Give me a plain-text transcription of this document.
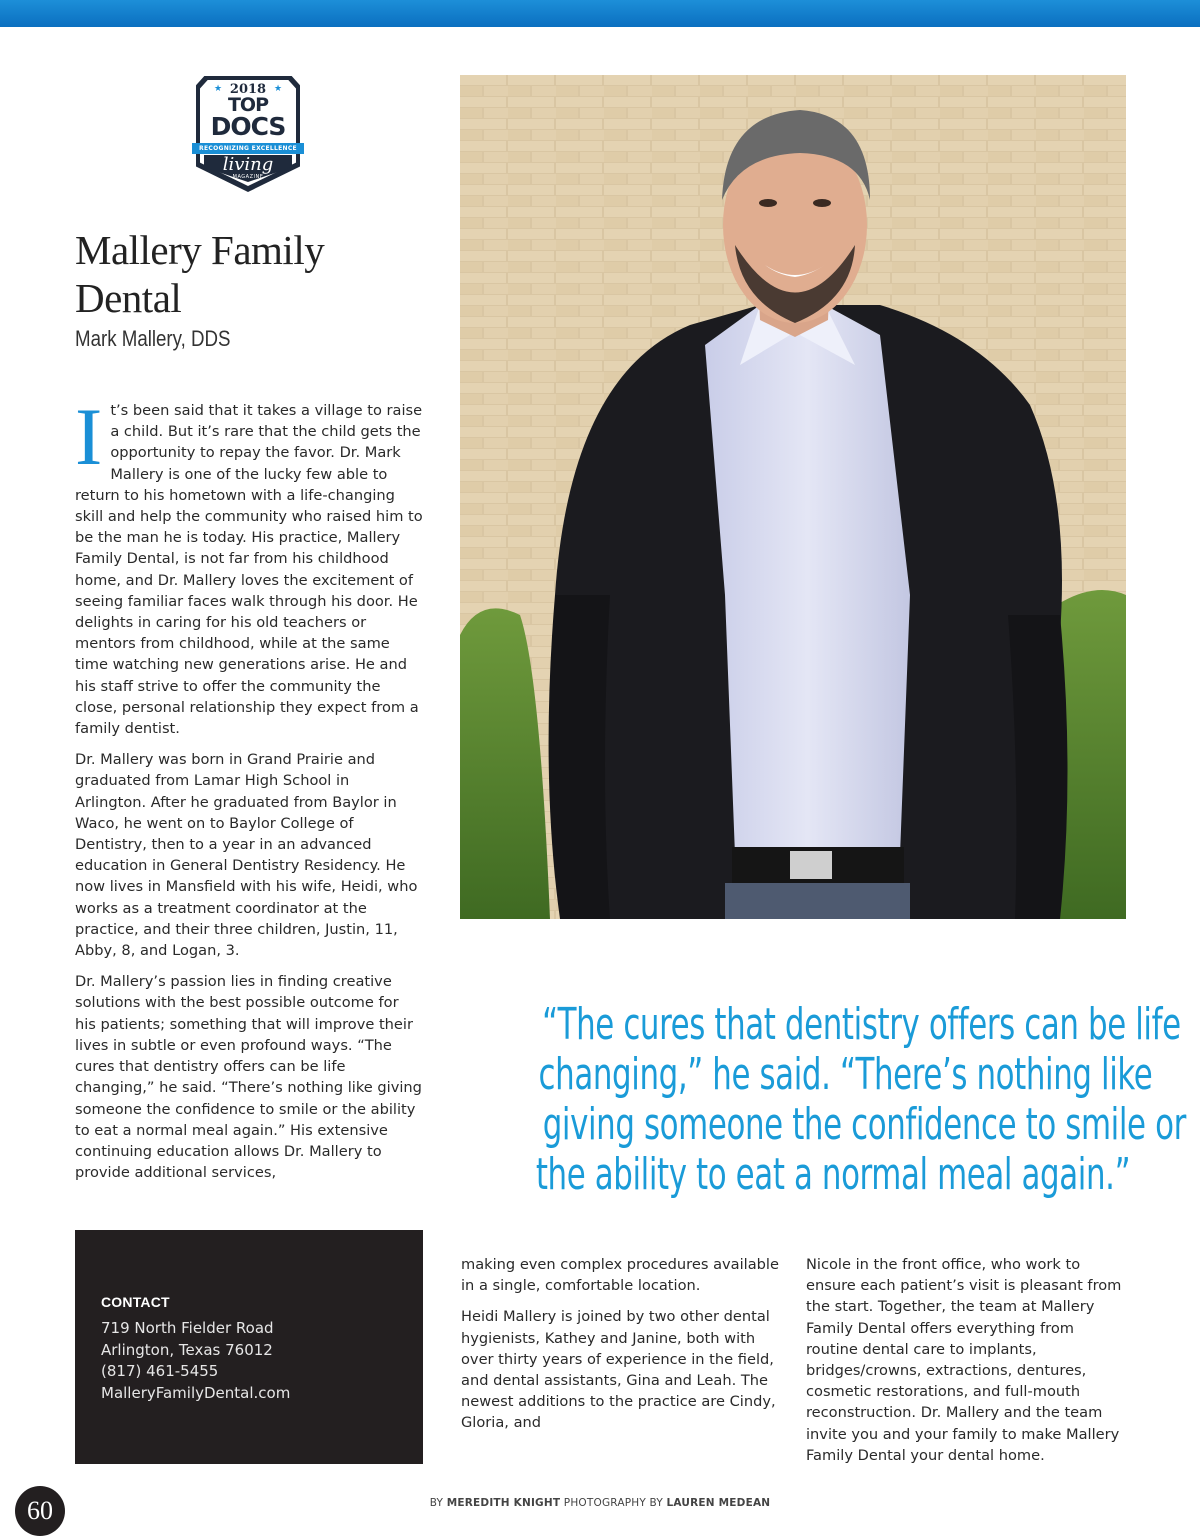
2018
TOP
DOCS
RECOGNIZING EXCELLENCE
living
MAGAZINE
★	★
Mallery Family Dental
Mark Mallery, DDS

It’s been said that it takes a village to raise a child. But it’s rare that the child gets the opportunity to repay the favor. Dr. Mark Mallery is one of the lucky few able to return to his hometown with a life-changing skill and help the community who raised him to be the man he is today. His practice, Mallery Family Dental, is not far from his childhood home, and Dr. Mallery loves the excitement of seeing familiar faces walk through his door. He delights in caring for his old teachers or mentors from childhood, while at the same time watching new generations arise. He and his staff strive to offer the community the close, personal relationship they expect from a family dentist.

Dr. Mallery was born in Grand Prairie and graduated from Lamar High School in Arlington. After he graduated from Baylor in Waco, he went on to Baylor College of Dentistry, then to a year in an advanced education in General Dentistry Residency. He now lives in Mansfield with his wife, Heidi, who works as a treatment coordinator at the practice, and their three children, Justin, 11, Abby, 8, and Logan, 3.

Dr. Mallery’s passion lies in finding creative solutions with the best possible outcome for his patients; something that will improve their lives in subtle or even profound ways. “The cures that dentistry offers can be life changing,” he said. “There’s nothing like giving someone the confidence to smile or the ability to eat a normal meal again.” His extensive continuing education allows Dr. Mallery to provide additional services,

“The cures that dentistry offers can be life
changing,” he said. “There’s nothing like
giving someone the confidence to smile or
the ability to eat a normal meal again.”
CONTACT
719 North Fielder Road
Arlington, Texas 76012
(817) 461-5455
MalleryFamilyDental.com

making even complex procedures available in a single, comfortable location.

Heidi Mallery is joined by two other dental hygienists, Kathey and Janine, both with over thirty years of experience in the field, and dental assistants, Gina and Leah. The newest additions to the practice are Cindy, Gloria, and

Nicole in the front office, who work to ensure each patient’s visit is pleasant from the start. Together, the team at Mallery Family Dental offers everything from routine dental care to implants, bridges/crowns, extractions, dentures, cosmetic restorations, and full-mouth reconstruction. Dr. Mallery and the team invite you and your family to make Mallery Family Dental your dental home.

60	BY MEREDITH KNIGHT PHOTOGRAPHY BY LAUREN MEDEAN
